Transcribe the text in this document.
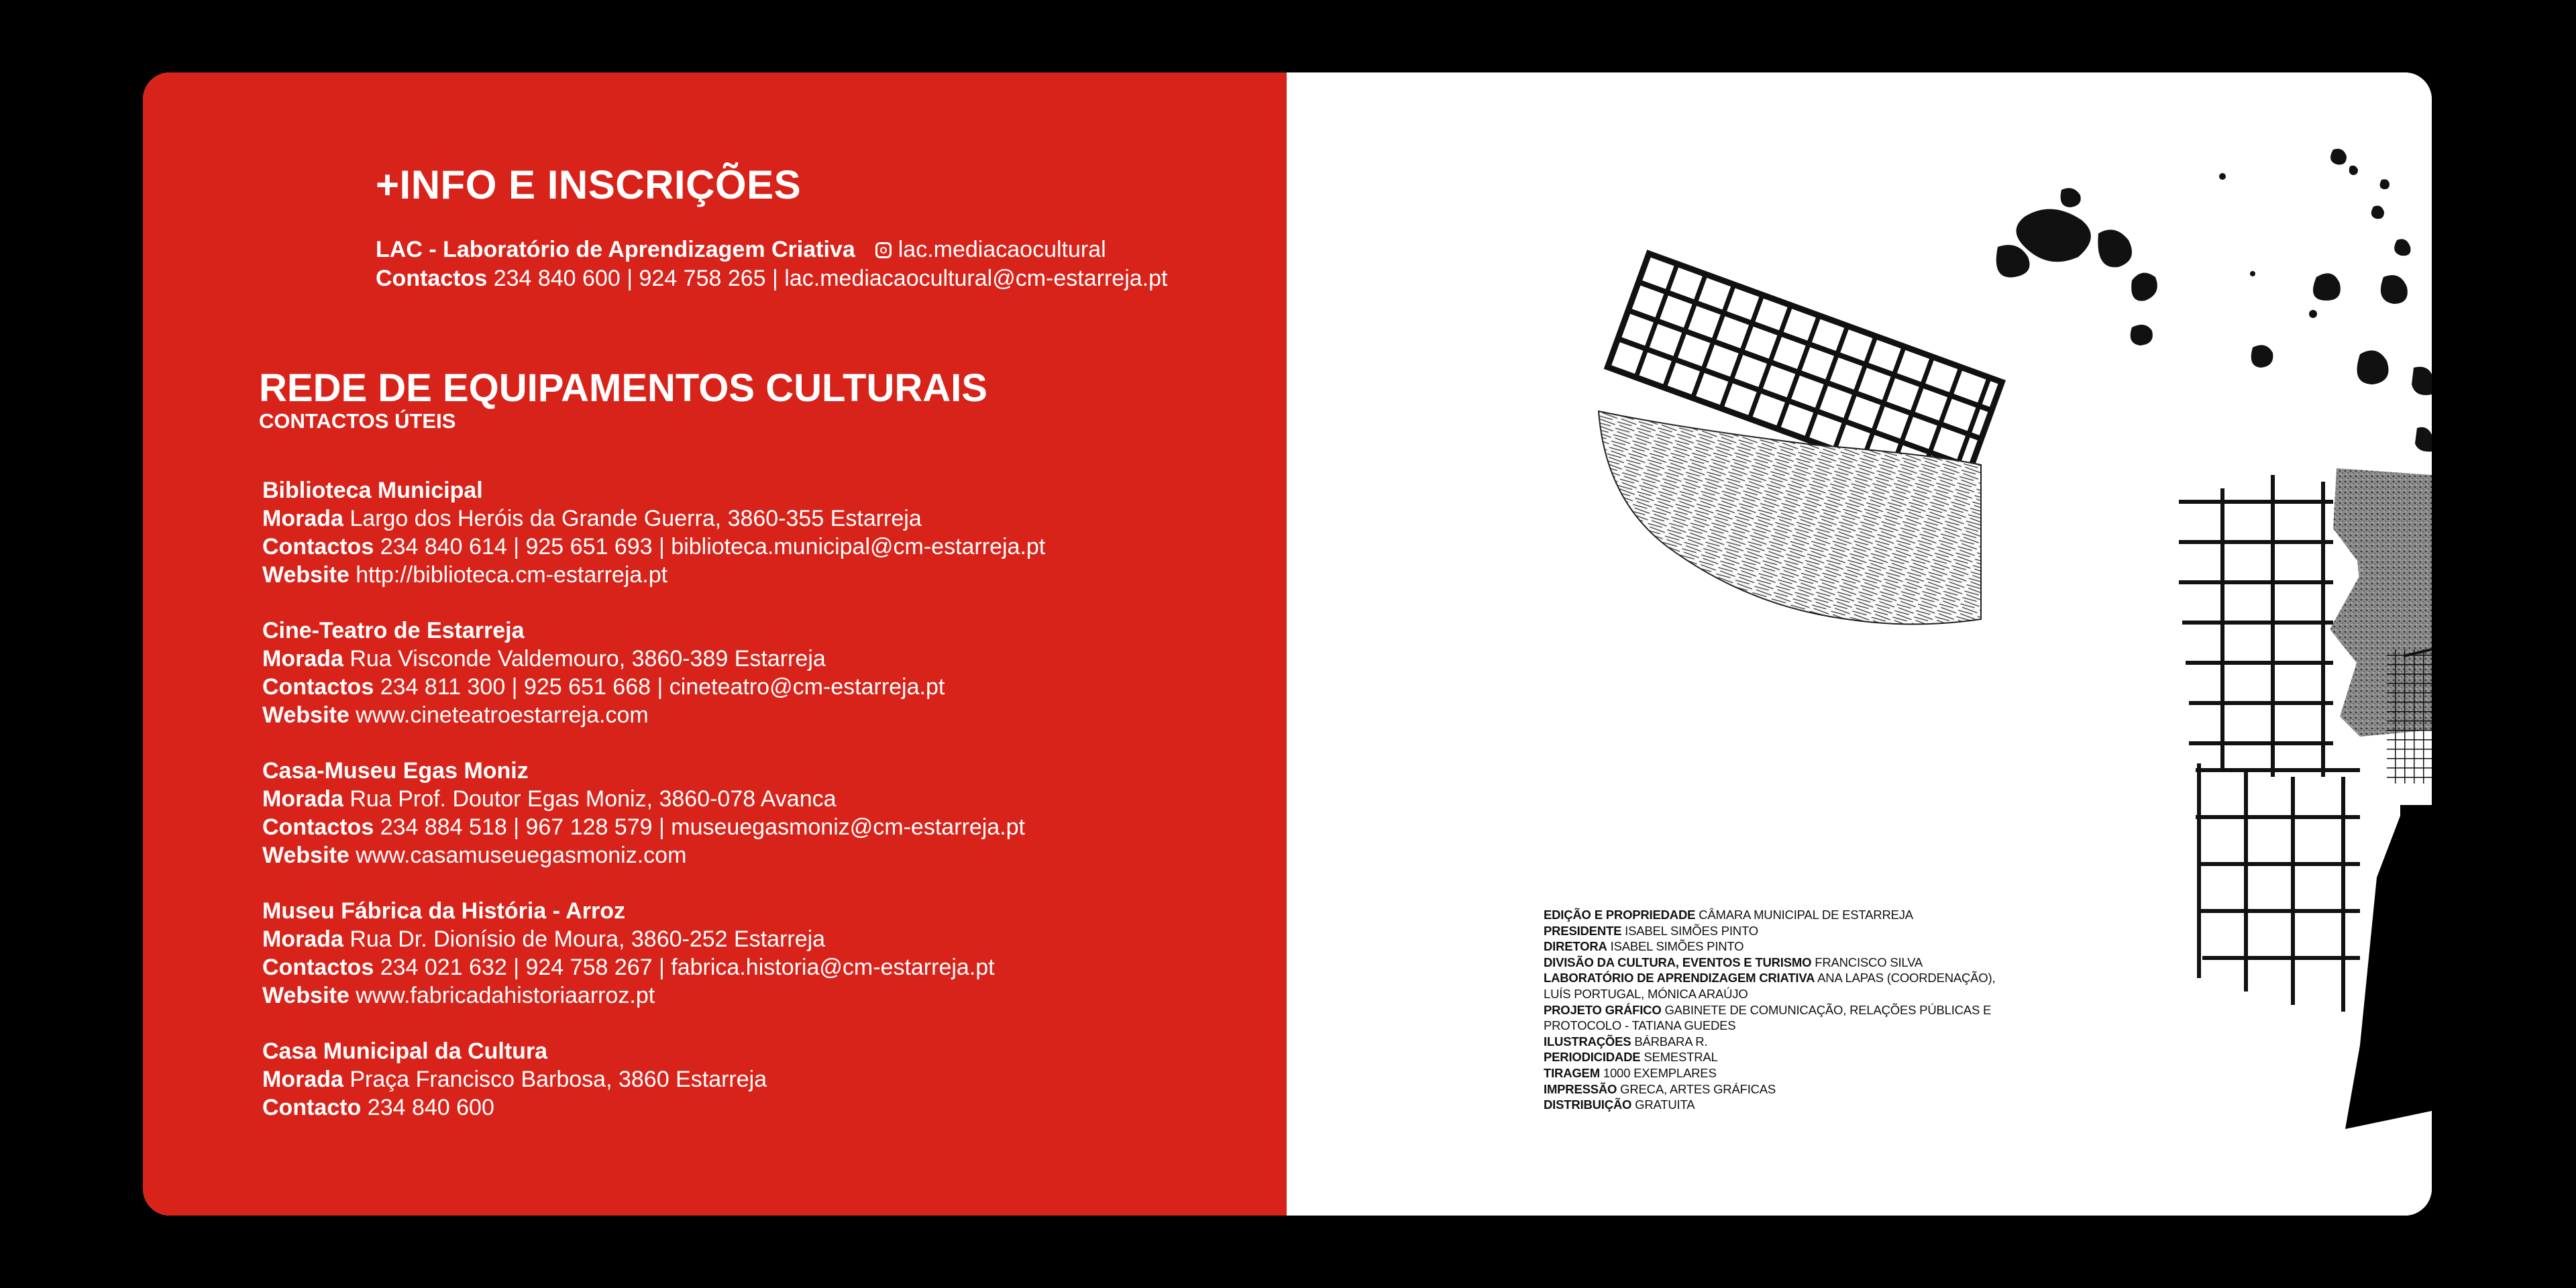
+INFO E INSCRIÇÕES
LAC - Laboratório de Aprendizagem Criativa lac.mediacaocultural
Contactos 234 840 600 | 924 758 265 | lac.mediacaocultural@cm-estarreja.pt
REDE DE EQUIPAMENTOS CULTURAIS
CONTACTOS ÚTEIS
Biblioteca Municipal
Morada Largo dos Heróis da Grande Guerra, 3860-355 Estarreja
Contactos 234 840 614 | 925 651 693 | biblioteca.municipal@cm-estarreja.pt
Website http://biblioteca.cm-estarreja.pt
Cine-Teatro de Estarreja
Morada Rua Visconde Valdemouro, 3860-389 Estarreja
Contactos 234 811 300 | 925 651 668 | cineteatro@cm-estarreja.pt
Website www.cineteatroestarreja.com
Casa-Museu Egas Moniz
Morada Rua Prof. Doutor Egas Moniz, 3860-078 Avanca
Contactos 234 884 518 | 967 128 579 | museuegasmoniz@cm-estarreja.pt
Website www.casamuseuegasmoniz.com
Museu Fábrica da História - Arroz
Morada Rua Dr. Dionísio de Moura, 3860-252 Estarreja
Contactos 234 021 632 | 924 758 267 | fabrica.historia@cm-estarreja.pt
Website www.fabricadahistoriaarroz.pt
Casa Municipal da Cultura
Morada Praça Francisco Barbosa, 3860 Estarreja
Contacto 234 840 600
EDIÇÃO E PROPRIEDADE CÂMARA MUNICIPAL DE ESTARREJA
PRESIDENTE ISABEL SIMÕES PINTO
DIRETORA ISABEL SIMÕES PINTO
DIVISÃO DA CULTURA, EVENTOS E TURISMO FRANCISCO SILVA
LABORATÓRIO DE APRENDIZAGEM CRIATIVA ANA LAPAS (COORDENAÇÃO),
LUÍS PORTUGAL, MÓNICA ARAÚJO
PROJETO GRÁFICO GABINETE DE COMUNICAÇÃO, RELAÇÕES PÚBLICAS E
PROTOCOLO - TATIANA GUEDES
ILUSTRAÇÕES BÁRBARA R.
PERIODICIDADE SEMESTRAL
TIRAGEM 1000 EXEMPLARES
IMPRESSÃO GRECA, ARTES GRÁFICAS
DISTRIBUIÇÃO GRATUITA
